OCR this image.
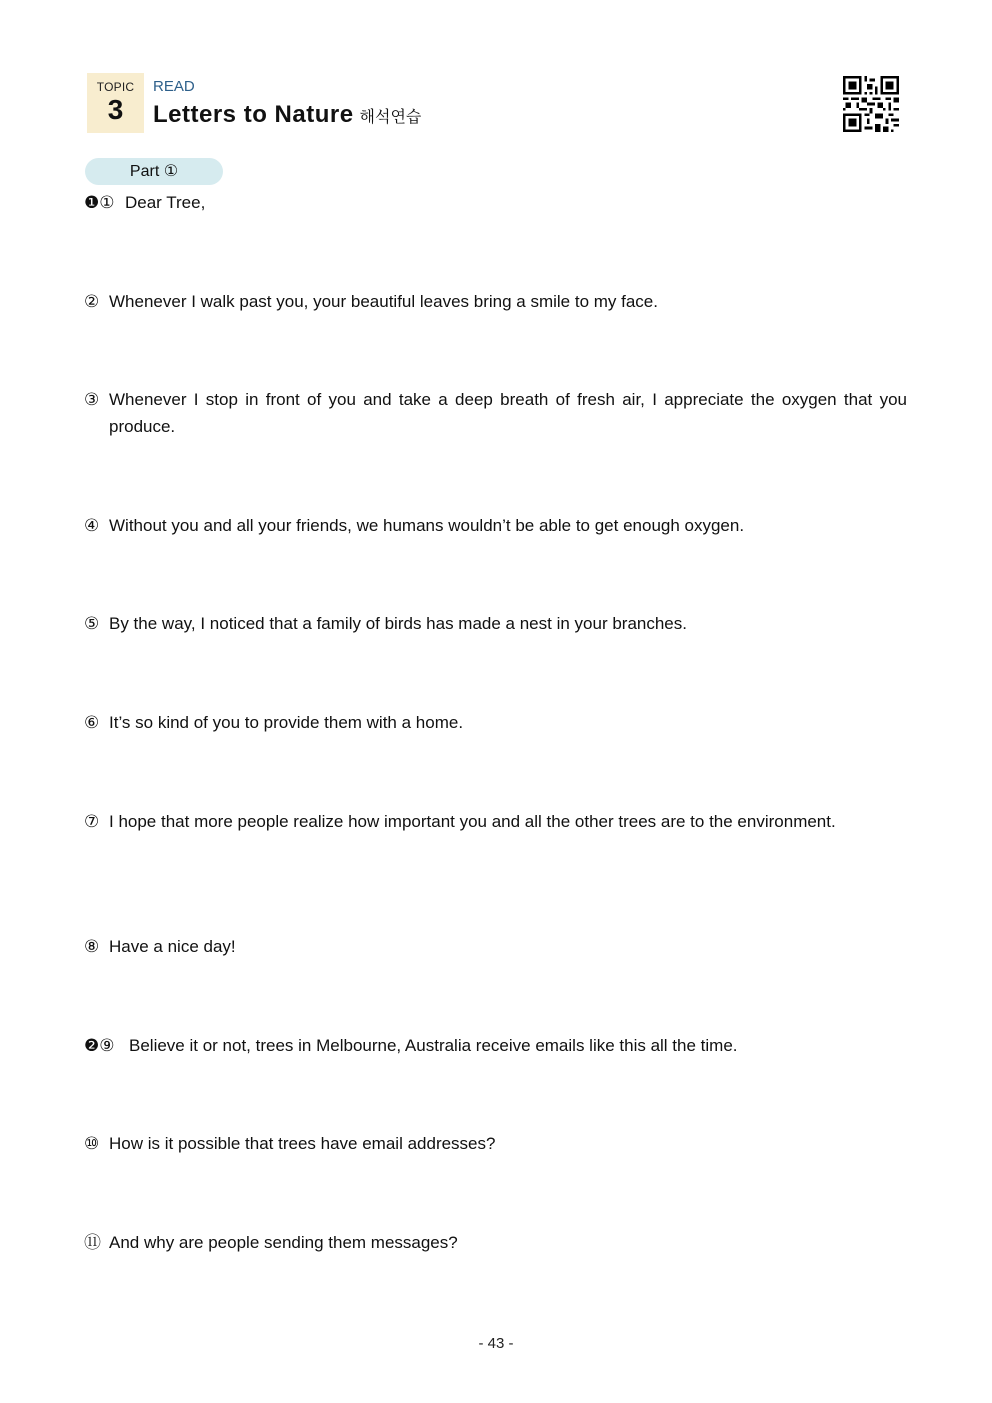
TOPIC
3
READ
Letters to Nature 해석연습
Part ①
❶① Dear Tree,
② Whenever I walk past you, your beautiful leaves bring a smile to my face.
③ Whenever I stop in front of you and take a deep breath of fresh air, I appreciate the oxygen that you produce.
④ Without you and all your friends, we humans wouldn’t be able to get enough oxygen.
⑤ By the way, I noticed that a family of birds has made a nest in your branches.
⑥ It’s so kind of you to provide them with a home.
⑦ I hope that more people realize how important you and all the other trees are to the environment.
⑧ Have a nice day!
❷⑨ Believe it or not, trees in Melbourne, Australia receive emails like this all the time.
⑩ How is it possible that trees have email addresses?
⑪ And why are people sending them messages?
- 43 -
